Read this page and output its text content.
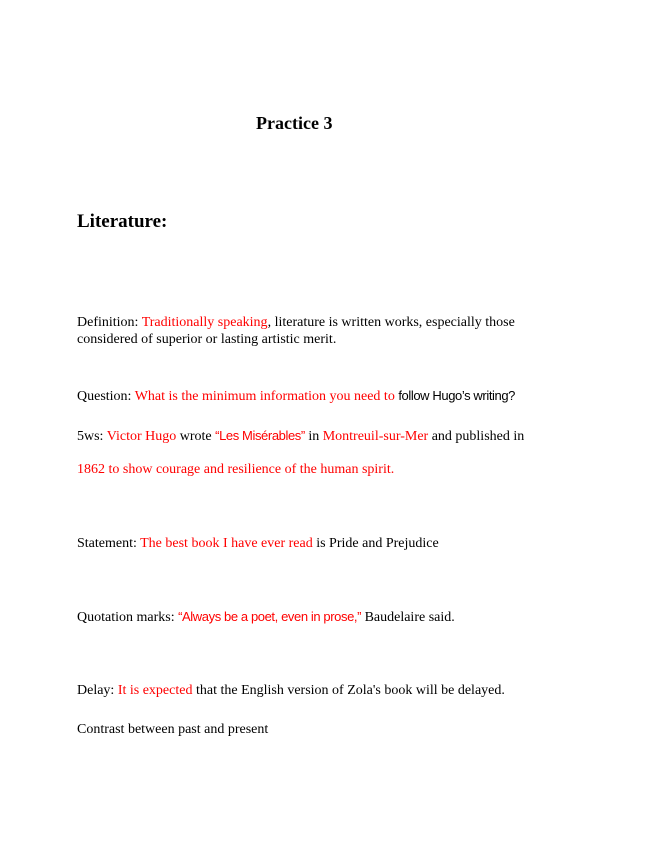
Practice 3
Literature:

Definition: Traditionally speaking, literature is written works, especially those
considered of superior or lasting artistic merit.

Question: What is the minimum information you need to follow Hugo’s writing?

5ws: Victor Hugo wrote “Les Misérables” in Montreuil-sur-Mer and published in

1862 to show courage and resilience of the human spirit.

Statement: The best book I have ever read is Pride and Prejudice

Quotation marks: “Always be a poet, even in prose,” Baudelaire said.

Delay: It is expected that the English version of Zola's book will be delayed.

Contrast between past and present
